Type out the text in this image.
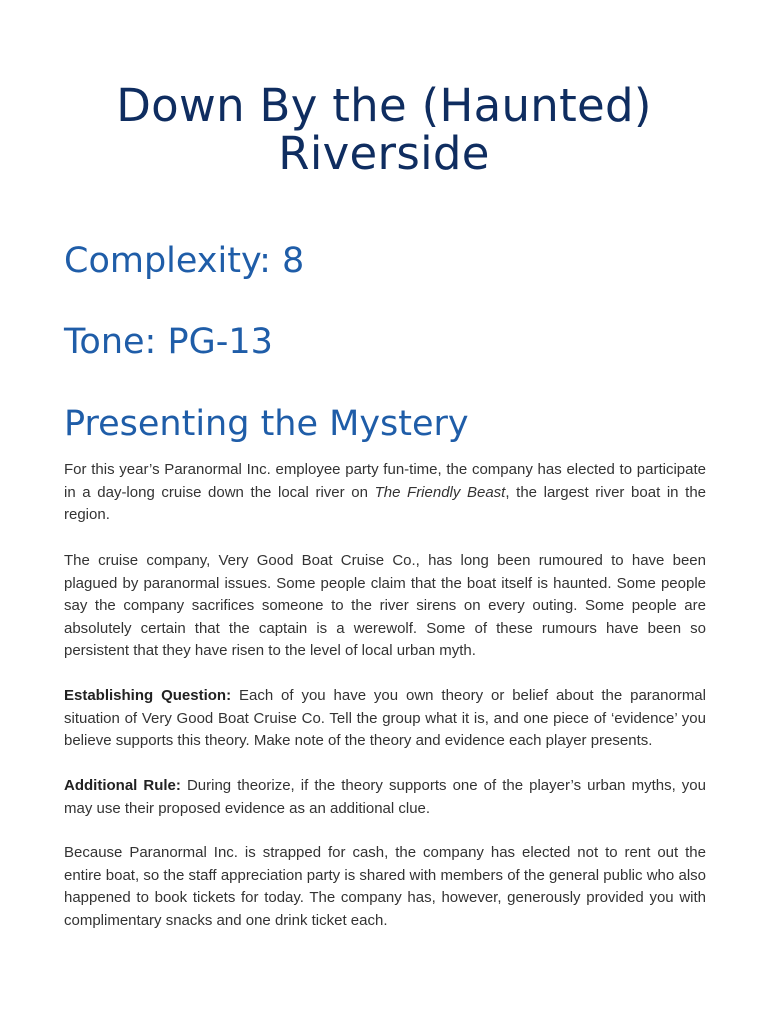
Down By the (Haunted)
Riverside
Complexity: 8
Tone: PG-13
Presenting the Mystery

For this year’s Paranormal Inc. employee party fun-time, the company has elected to participate in a day-long cruise down the local river on The Friendly Beast, the largest river boat in the region.

The cruise company, Very Good Boat Cruise Co., has long been rumoured to have been plagued by paranormal issues. Some people claim that the boat itself is haunted. Some people say the company sacrifices someone to the river sirens on every outing. Some people are absolutely certain that the captain is a werewolf. Some of these rumours have been so persistent that they have risen to the level of local urban myth.

Establishing Question: Each of you have you own theory or belief about the paranormal situation of Very Good Boat Cruise Co. Tell the group what it is, and one piece of ‘evidence’ you believe supports this theory. Make note of the theory and evidence each player presents.

Additional Rule: During theorize, if the theory supports one of the player’s urban myths, you may use their proposed evidence as an additional clue.

Because Paranormal Inc. is strapped for cash, the company has elected not to rent out the entire boat, so the staff appreciation party is shared with members of the general public who also happened to book tickets for today. The company has, however, generously provided you with complimentary snacks and one drink ticket each.
